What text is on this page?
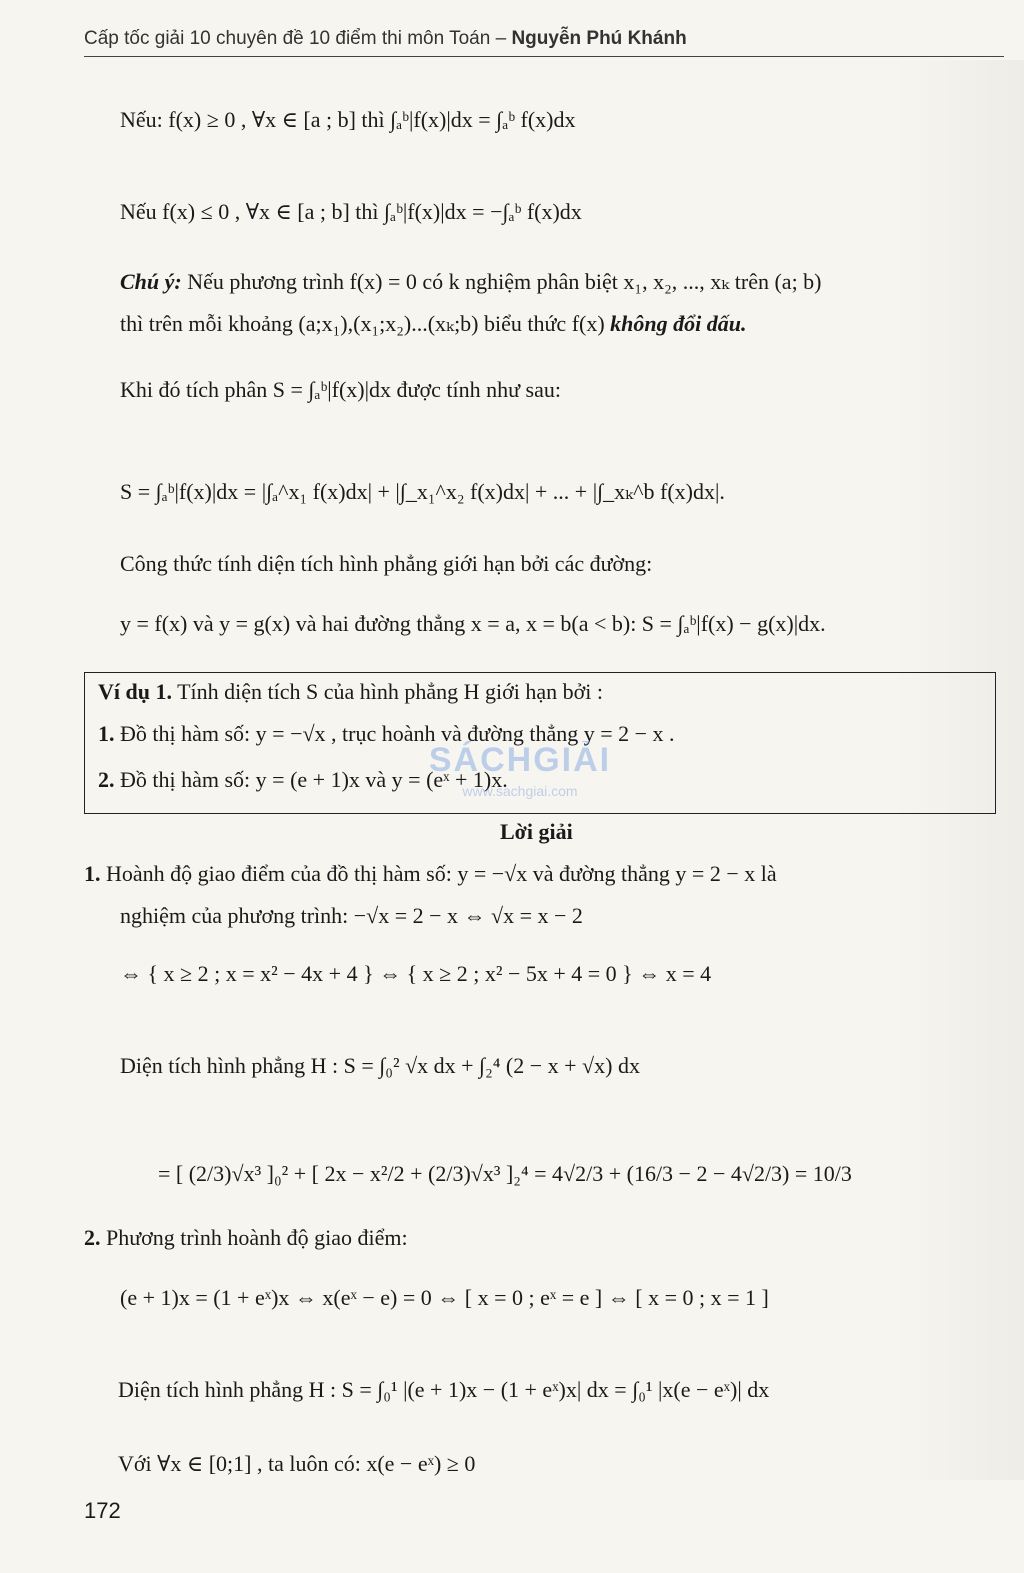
Cấp tốc giải 10 chuyên đề 10 điểm thi môn Toán – Nguyễn Phú Khánh
Nếu: f(x) ≥ 0 , ∀x ∈ [a ; b] thì ∫ₐᵇ|f(x)|dx = ∫ₐᵇ f(x)dx
Nếu f(x) ≤ 0 , ∀x ∈ [a ; b] thì ∫ₐᵇ|f(x)|dx = −∫ₐᵇ f(x)dx
Chú ý: Nếu phương trình f(x) = 0 có k nghiệm phân biệt x₁, x₂, ..., xₖ trên (a; b)
thì trên mỗi khoảng (a;x₁),(x₁;x₂)...(xₖ;b) biểu thức f(x) không đổi dấu.
Khi đó tích phân S = ∫ₐᵇ|f(x)|dx được tính như sau:
S = ∫ₐᵇ|f(x)|dx = |∫ₐ^x₁ f(x)dx| + |∫_x₁^x₂ f(x)dx| + ... + |∫_xₖ^b f(x)dx|.
Công thức tính diện tích hình phẳng giới hạn bởi các đường:
y = f(x) và y = g(x) và hai đường thẳng x = a, x = b(a < b): S = ∫ₐᵇ|f(x) − g(x)|dx.
Ví dụ 1. Tính diện tích S của hình phẳng H giới hạn bởi :
1. Đồ thị hàm số: y = −√x , trục hoành và đường thẳng y = 2 − x .
2. Đồ thị hàm số: y = (e + 1)x và y = (eˣ + 1)x.
SÁCHGIẢI
www.sachgiai.com
Lời giải
1. Hoành độ giao điểm của đồ thị hàm số: y = −√x và đường thẳng y = 2 − x là
nghiệm của phương trình: −√x = 2 − x ⇔ √x = x − 2
⇔ { x ≥ 2 ; x = x² − 4x + 4 } ⇔ { x ≥ 2 ; x² − 5x + 4 = 0 } ⇔ x = 4
Diện tích hình phẳng H : S = ∫₀² √x dx + ∫₂⁴ (2 − x + √x) dx
= [ (2/3)√x³ ]₀² + [ 2x − x²/2 + (2/3)√x³ ]₂⁴ = 4√2/3 + (16/3 − 2 − 4√2/3) = 10/3
2. Phương trình hoành độ giao điểm:
(e + 1)x = (1 + eˣ)x ⇔ x(eˣ − e) = 0 ⇔ [ x = 0 ; eˣ = e ] ⇔ [ x = 0 ; x = 1 ]
Diện tích hình phẳng H : S = ∫₀¹ |(e + 1)x − (1 + eˣ)x| dx = ∫₀¹ |x(e − eˣ)| dx
Với ∀x ∈ [0;1] , ta luôn có: x(e − eˣ) ≥ 0
172
